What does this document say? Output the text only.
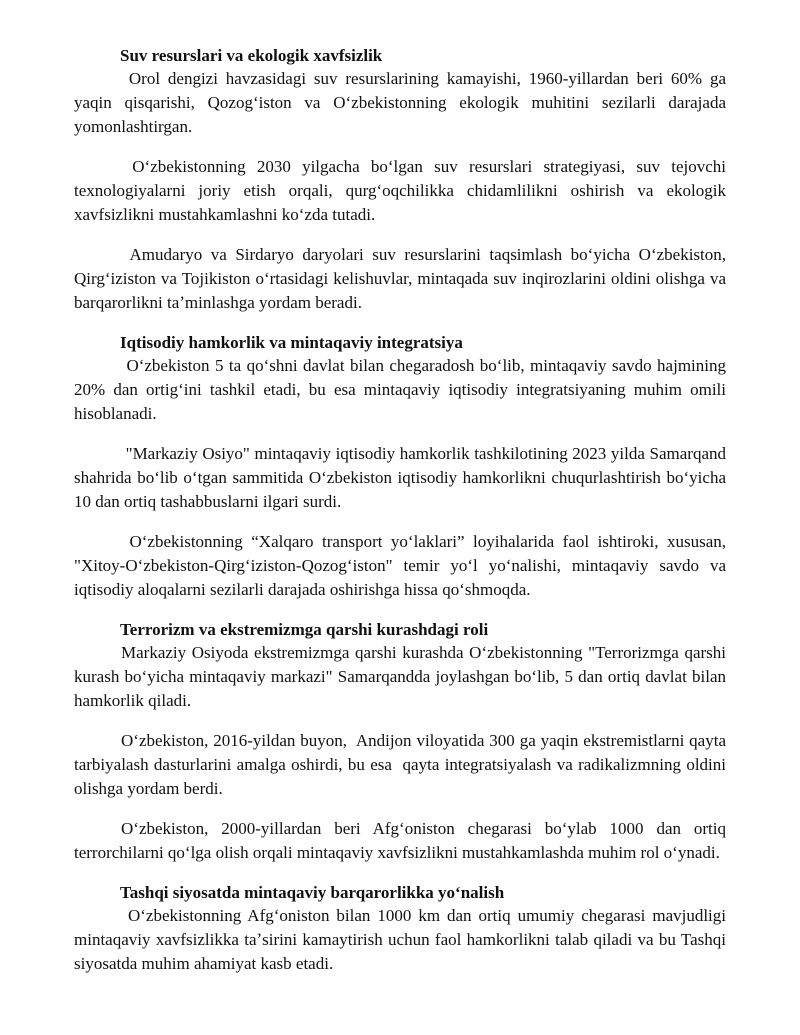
Suv resurslari va ekologik xavfsizlik

Orol dengizi havzasidagi suv resurslarining kamayishi, 1960-yillardan beri 60% ga yaqin qisqarishi, Qozogʻiston va Oʻzbekistonning ekologik muhitini sezilarli darajada yomonlashtirgan.

Oʻzbekistonning 2030 yilgacha boʻlgan suv resurslari strategiyasi, suv tejovchi texnologiyalarni joriy etish orqali, qurgʻoqchilikka chidamlilikni oshirish va ekologik xavfsizlikni mustahkamlashni koʻzda tutadi.

Amudaryo va Sirdaryo daryolari suv resurslarini taqsimlash boʻyicha Oʻzbekiston, Qirgʻiziston va Tojikiston oʻrtasidagi kelishuvlar, mintaqada suv inqirozlarini oldini olishga va barqarorlikni taʼminlashga yordam beradi.

Iqtisodiy hamkorlik va mintaqaviy integratsiya

Oʻzbekiston 5 ta qoʻshni davlat bilan chegaradosh boʻlib, mintaqaviy savdo hajmining 20% dan ortigʻini tashkil etadi, bu esa mintaqaviy iqtisodiy integratsiyaning muhim omili hisoblanadi.

"Markaziy Osiyo" mintaqaviy iqtisodiy hamkorlik tashkilotining 2023 yilda Samarqand shahrida boʻlib oʻtgan sammitida Oʻzbekiston iqtisodiy hamkorlikni chuqurlashtirish boʻyicha 10 dan ortiq tashabbuslarni ilgari surdi.

Oʻzbekistonning “Xalqaro transport yoʻlaklari” loyihalarida faol ishtiroki, xususan, "Xitoy-Oʻzbekiston-Qirgʻiziston-Qozogʻiston" temir yoʻl yoʻnalishi, mintaqaviy savdo va iqtisodiy aloqalarni sezilarli darajada oshirishga hissa qoʻshmoqda.

Terrorizm va ekstremizmga qarshi kurashdagi roli

Markaziy Osiyoda ekstremizmga qarshi kurashda Oʻzbekistonning "Terrorizmga qarshi kurash boʻyicha mintaqaviy markazi" Samarqandda joylashgan boʻlib, 5 dan ortiq davlat bilan hamkorlik qiladi.

Oʻzbekiston, 2016-yildan buyon,  Andijon viloyatida 300 ga yaqin ekstremistlarni qayta tarbiyalash dasturlarini amalga oshirdi, bu esa  qayta integratsiyalash va radikalizmning oldini olishga yordam berdi.

Oʻzbekiston, 2000-yillardan beri Afgʻoniston chegarasi boʻylab 1000 dan ortiq terrorchilarni qoʻlga olish orqali mintaqaviy xavfsizlikni mustahkamlashda muhim rol oʻynadi.

Tashqi siyosatda mintaqaviy barqarorlikka yoʻnalish

Oʻzbekistonning Afgʻoniston bilan 1000 km dan ortiq umumiy chegarasi mavjudligi mintaqaviy xavfsizlikka taʼsirini kamaytirish uchun faol hamkorlikni talab qiladi va bu Tashqi siyosatda muhim ahamiyat kasb etadi.
